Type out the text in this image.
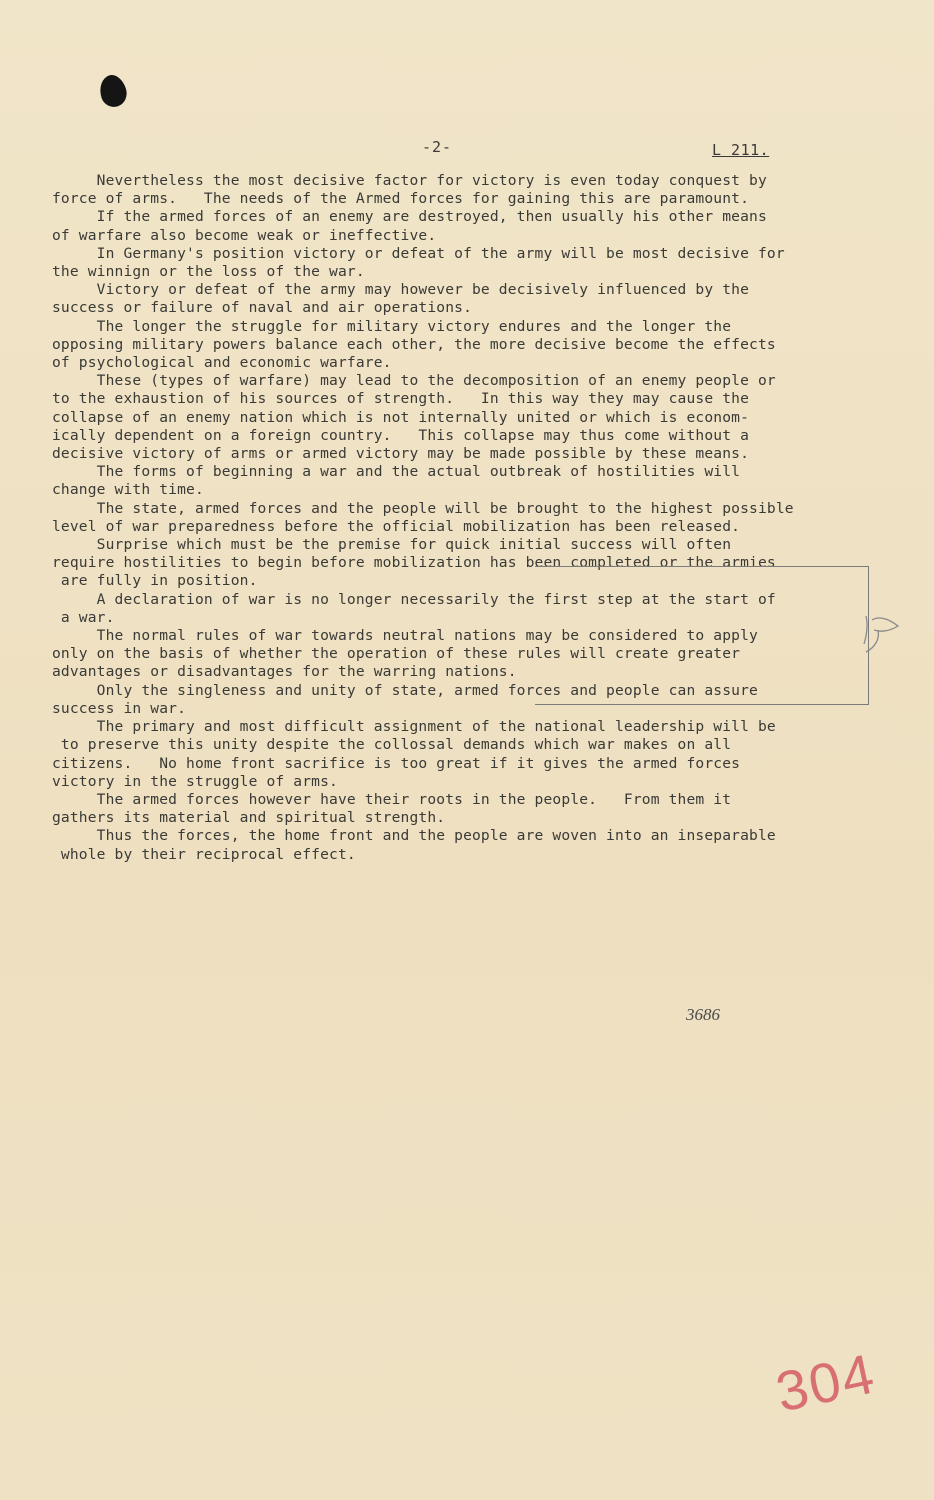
-2-	L 211.
Nevertheless the most decisive factor for victory is even today conquest by
force of arms.   The needs of the Armed forces for gaining this are paramount.
If the armed forces of an enemy are destroyed, then usually his other means
of warfare also become weak or ineffective.
In Germany's position victory or defeat of the army will be most decisive for
the winnign or the loss of the war.
Victory or defeat of the army may however be decisively influenced by the
success or failure of naval and air operations.
The longer the struggle for military victory endures and the longer the
opposing military powers balance each other, the more decisive become the effects
of psychological and economic warfare.
These (types of warfare) may lead to the decomposition of an enemy people or
to the exhaustion of his sources of strength.   In this way they may cause the
collapse of an enemy nation which is not internally united or which is econom-
ically dependent on a foreign country.   This collapse may thus come without a
decisive victory of arms or armed victory may be made possible by these means.
The forms of beginning a war and the actual outbreak of hostilities will
change with time.
The state, armed forces and the people will be brought to the highest possible
level of war preparedness before the official mobilization has been released.
Surprise which must be the premise for quick initial success will often
require hostilities to begin before mobilization has been completed or the armies
are fully in position.
A declaration of war is no longer necessarily the first step at the start of
a war.
The normal rules of war towards neutral nations may be considered to apply
only on the basis of whether the operation of these rules will create greater
advantages or disadvantages for the warring nations.
Only the singleness and unity of state, armed forces and people can assure
success in war.
The primary and most difficult assignment of the national leadership will be
to preserve this unity despite the collossal demands which war makes on all
citizens.   No home front sacrifice is too great if it gives the armed forces
victory in the struggle of arms.
The armed forces however have their roots in the people.   From them it
gathers its material and spiritual strength.
Thus the forces, the home front and the people are woven into an inseparable
whole by their reciprocal effect.
3686
304
